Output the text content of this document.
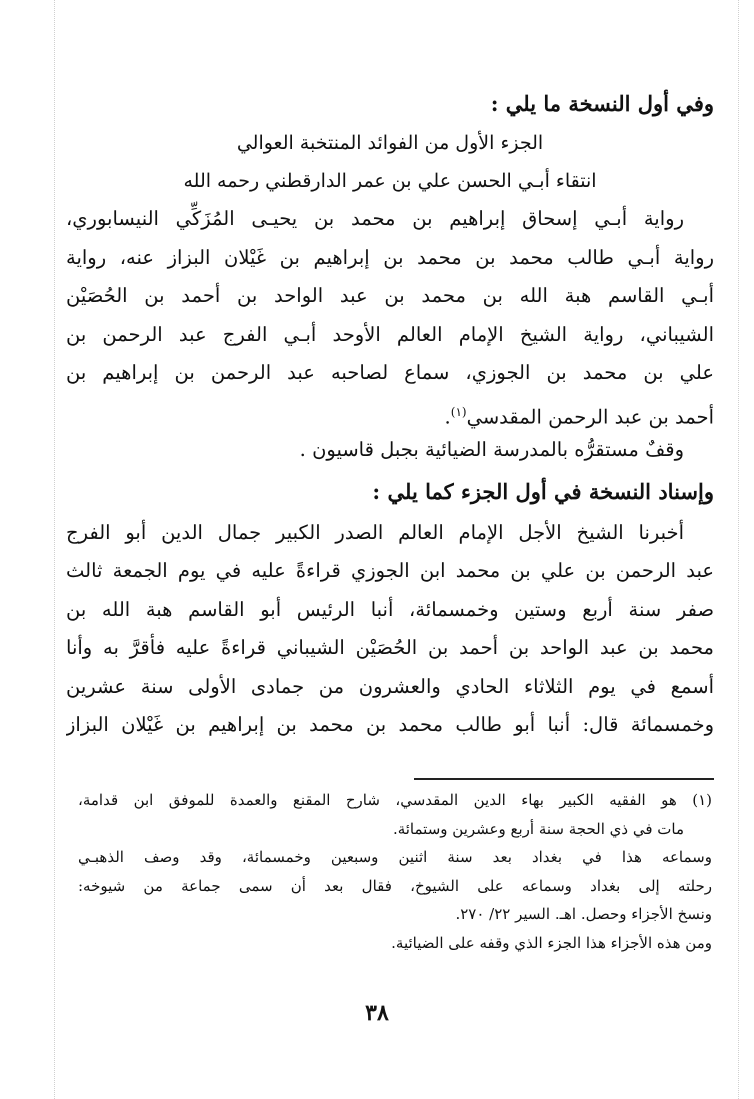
وفي أول النسخة ما يلي :
الجزء الأول من الفوائد المنتخبة العوالي
انتقاء أبـي الحسن علي بن عمر الدارقطني رحمه الله
رواية أبـي إسحاق إبراهيم بن محمد بن يحيـى المُزَكِّي النيسابوري،
رواية أبـي طالب محمد بن محمد بن إبراهيم بن غَيْلان البزاز عنه، رواية
أبـي القاسم هبة الله بن محمد بن عبد الواحد بن أحمد بن الحُصَيْن
الشيباني، رواية الشيخ الإمام العالم الأوحد أبـي الفرج عبد الرحمن بن
علي بن محمد بن الجوزي، سماع لصاحبه عبد الرحمن بن إبراهيم بن
أحمد بن عبد الرحمن المقدسي$^{(١)}$.
وقفٌ مستقرُّه بالمدرسة الضيائية بجبل قاسيون .
وإسناد النسخة في أول الجزء كما يلي :
أخبرنا الشيخ الأجل الإمام العالم الصدر الكبير جمال الدين أبو الفرج
عبد الرحمن بن علي بن محمد ابن الجوزي قراءةً عليه في يوم الجمعة ثالث
صفر سنة أربع وستين وخمسمائة، أنبا الرئيس أبو القاسم هبة الله بن
محمد بن عبد الواحد بن أحمد بن الحُصَيْن الشيباني قراءةً عليه فأقرَّ به وأنا
أسمع في يوم الثلاثاء الحادي والعشرون من جمادى الأولى سنة عشرين
وخمسمائة قال: أنبا أبو طالب محمد بن محمد بن إبراهيم بن غَيْلان البزاز
(١) هو الفقيه الكبير بهاء الدين المقدسي، شارح المقنع والعمدة للموفق ابن قدامة،
مات في ذي الحجة سنة أربع وعشرين وستمائة.
وسماعه هذا في بغداد بعد سنة اثنين وسبعين وخمسمائة، وقد وصف الذهبـي
رحلته إلى بغداد وسماعه على الشيوخ، فقال بعد أن سمى جماعة من شيوخه:
ونسخ الأجزاء وحصل. اهـ. السير ٢٢/ ٢٧٠.
ومن هذه الأجزاء هذا الجزء الذي وقفه على الضيائية.
٣٨
